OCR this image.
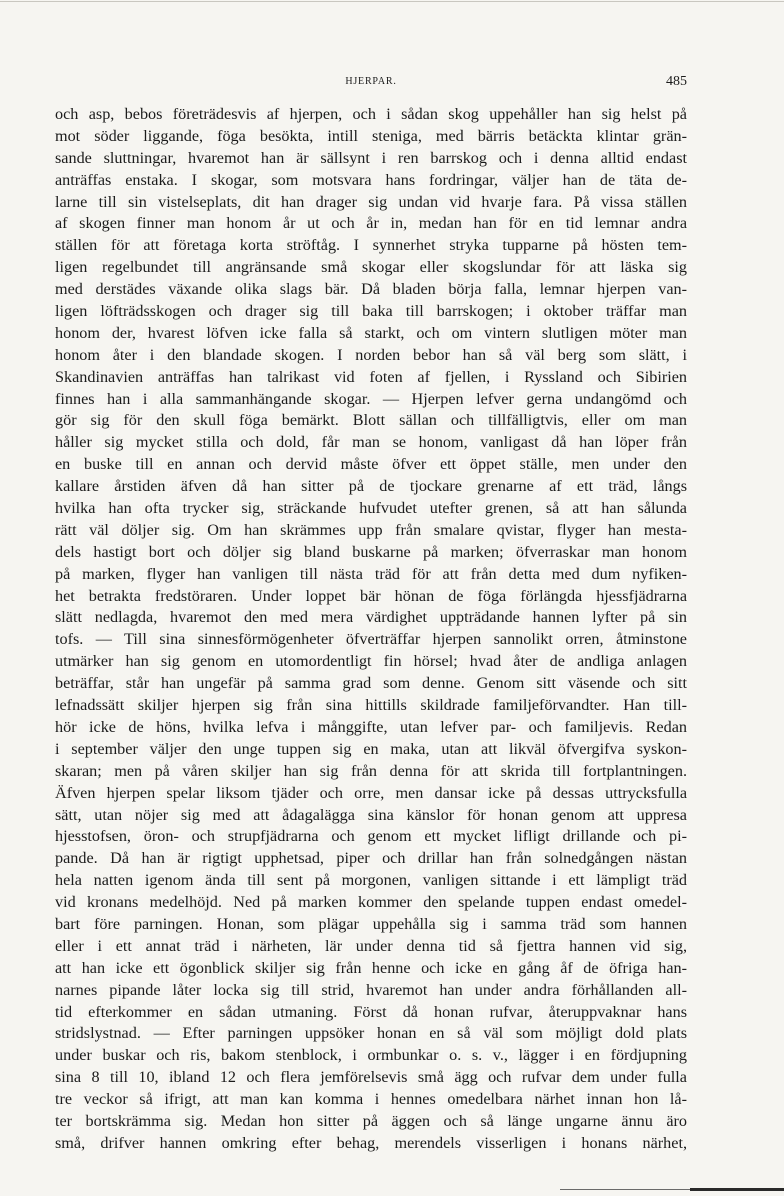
HJERPAR.	485
och asp, bebos företrädesvis af hjerpen, och i sådan skog uppehåller han sig helst på
mot söder liggande, föga besökta, intill steniga, med bärris betäckta klintar grän-
sande sluttningar, hvaremot han är sällsynt i ren barrskog och i denna alltid endast
anträffas enstaka. I skogar, som motsvara hans fordringar, väljer han de täta de-
larne till sin vistelseplats, dit han drager sig undan vid hvarje fara. På vissa ställen
af skogen finner man honom år ut och år in, medan han för en tid lemnar andra
ställen för att företaga korta ströftåg. I synnerhet stryka tupparne på hösten tem-
ligen regelbundet till angränsande små skogar eller skogslundar för att läska sig
med derstädes växande olika slags bär. Då bladen börja falla, lemnar hjerpen van-
ligen löfträdsskogen och drager sig till baka till barrskogen; i oktober träffar man
honom der, hvarest löfven icke falla så starkt, och om vintern slutligen möter man
honom åter i den blandade skogen. I norden bebor han så väl berg som slätt, i
Skandinavien anträffas han talrikast vid foten af fjellen, i Ryssland och Sibirien
finnes han i alla sammanhängande skogar. — Hjerpen lefver gerna undangömd och
gör sig för den skull föga bemärkt. Blott sällan och tillfälligtvis, eller om man
håller sig mycket stilla och dold, får man se honom, vanligast då han löper från
en buske till en annan och dervid måste öfver ett öppet ställe, men under den
kallare årstiden äfven då han sitter på de tjockare grenarne af ett träd, långs
hvilka han ofta trycker sig, sträckande hufvudet utefter grenen, så att han sålunda
rätt väl döljer sig. Om han skrämmes upp från smalare qvistar, flyger han mesta-
dels hastigt bort och döljer sig bland buskarne på marken; öfverraskar man honom
på marken, flyger han vanligen till nästa träd för att från detta med dum nyfiken-
het betrakta fredstöraren. Under loppet bär hönan de föga förlängda hjessfjädrarna
slätt nedlagda, hvaremot den med mera värdighet uppträdande hannen lyfter på sin
tofs. — Till sina sinnesförmögenheter öfverträffar hjerpen sannolikt orren, åtminstone
utmärker han sig genom en utomordentligt fin hörsel; hvad åter de andliga anlagen
beträffar, står han ungefär på samma grad som denne. Genom sitt väsende och sitt
lefnadssätt skiljer hjerpen sig från sina hittills skildrade familjeförvandter. Han till-
hör icke de höns, hvilka lefva i månggifte, utan lefver par- och familjevis. Redan
i september väljer den unge tuppen sig en maka, utan att likväl öfvergifva syskon-
skaran; men på våren skiljer han sig från denna för att skrida till fortplantningen.
Äfven hjerpen spelar liksom tjäder och orre, men dansar icke på dessas uttrycksfulla
sätt, utan nöjer sig med att ådagalägga sina känslor för honan genom att uppresa
hjesstofsen, öron- och strupfjädrarna och genom ett mycket lifligt drillande och pi-
pande. Då han är rigtigt upphetsad, piper och drillar han från solnedgången nästan
hela natten igenom ända till sent på morgonen, vanligen sittande i ett lämpligt träd
vid kronans medelhöjd. Ned på marken kommer den spelande tuppen endast omedel-
bart före parningen. Honan, som plägar uppehålla sig i samma träd som hannen
eller i ett annat träd i närheten, lär under denna tid så fjettra hannen vid sig,
att han icke ett ögonblick skiljer sig från henne och icke en gång åf de öfriga han-
narnes pipande låter locka sig till strid, hvaremot han under andra förhållanden all-
tid efterkommer en sådan utmaning. Först då honan rufvar, återuppvaknar hans
stridslystnad. — Efter parningen uppsöker honan en så väl som möjligt dold plats
under buskar och ris, bakom stenblock, i ormbunkar o. s. v., lägger i en fördjupning
sina 8 till 10, ibland 12 och flera jemförelsevis små ägg och rufvar dem under fulla
tre veckor så ifrigt, att man kan komma i hennes omedelbara närhet innan hon lå-
ter bortskrämma sig. Medan hon sitter på äggen och så länge ungarne ännu äro
små, drifver hannen omkring efter behag, merendels visserligen i honans närhet,
